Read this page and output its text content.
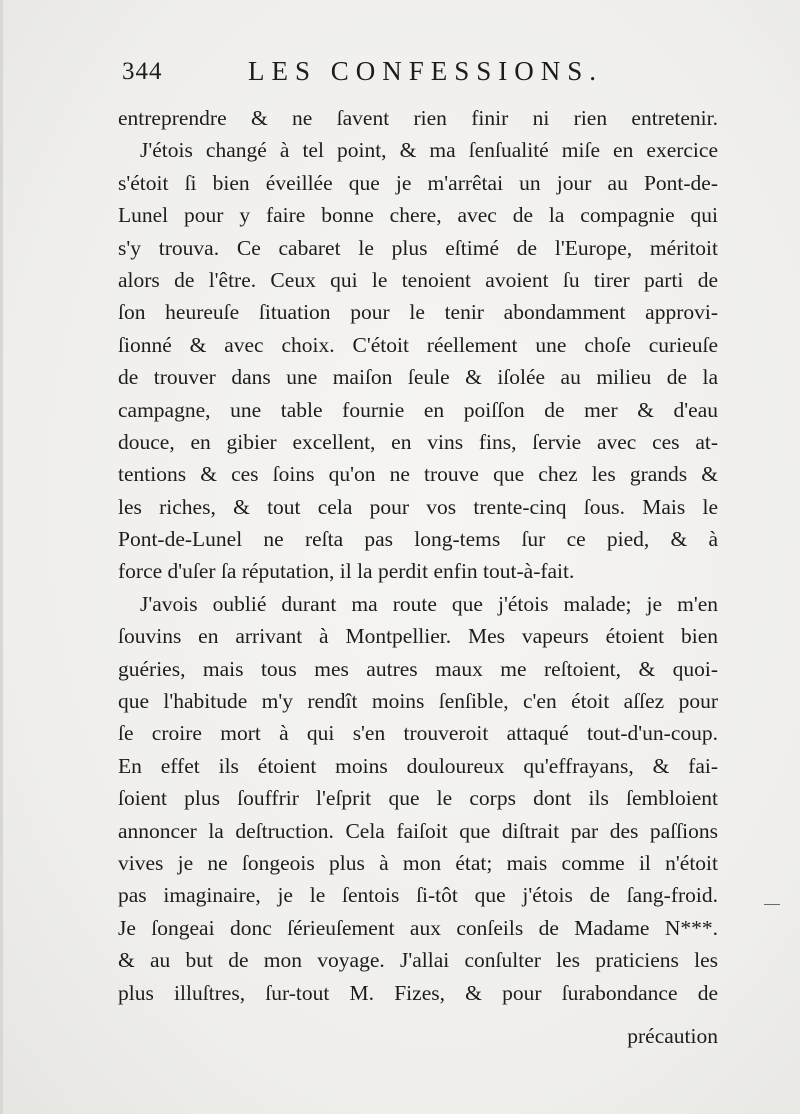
344	LES CONFESSIONS.
entreprendre & ne ſavent rien finir ni rien entretenir.
J'étois changé à tel point, & ma ſenſualité miſe en exercice
s'étoit ſi bien éveillée que je m'arrêtai un jour au Pont-de-
Lunel pour y faire bonne chere, avec de la compagnie qui
s'y trouva. Ce cabaret le plus eſtimé de l'Europe, méritoit
alors de l'être. Ceux qui le tenoient avoient ſu tirer parti de
ſon heureuſe ſituation pour le tenir abondamment approvi-
ſionné & avec choix. C'étoit réellement une choſe curieuſe
de trouver dans une maiſon ſeule & iſolée au milieu de la
campagne, une table fournie en poiſſon de mer & d'eau
douce, en gibier excellent, en vins fins, ſervie avec ces at-
tentions & ces ſoins qu'on ne trouve que chez les grands &
les riches, & tout cela pour vos trente-cinq ſous. Mais le
Pont-de-Lunel ne reſta pas long-tems ſur ce pied, & à
force d'uſer ſa réputation, il la perdit enfin tout-à-fait.
J'avois oublié durant ma route que j'étois malade; je m'en
ſouvins en arrivant à Montpellier. Mes vapeurs étoient bien
guéries, mais tous mes autres maux me reſtoient, & quoi-
que l'habitude m'y rendît moins ſenſible, c'en étoit aſſez pour
ſe croire mort à qui s'en trouveroit attaqué tout-d'un-coup.
En effet ils étoient moins douloureux qu'effrayans, & fai-
ſoient plus ſouffrir l'eſprit que le corps dont ils ſembloient
annoncer la deſtruction. Cela faiſoit que diſtrait par des paſſions
vives je ne ſongeois plus à mon état; mais comme il n'étoit
pas imaginaire, je le ſentois ſi-tôt que j'étois de ſang-froid.
Je ſongeai donc ſérieuſement aux conſeils de Madame N***.
& au but de mon voyage. J'allai conſulter les praticiens les
plus illuſtres, ſur-tout M. Fizes, & pour ſurabondance de
précaution
